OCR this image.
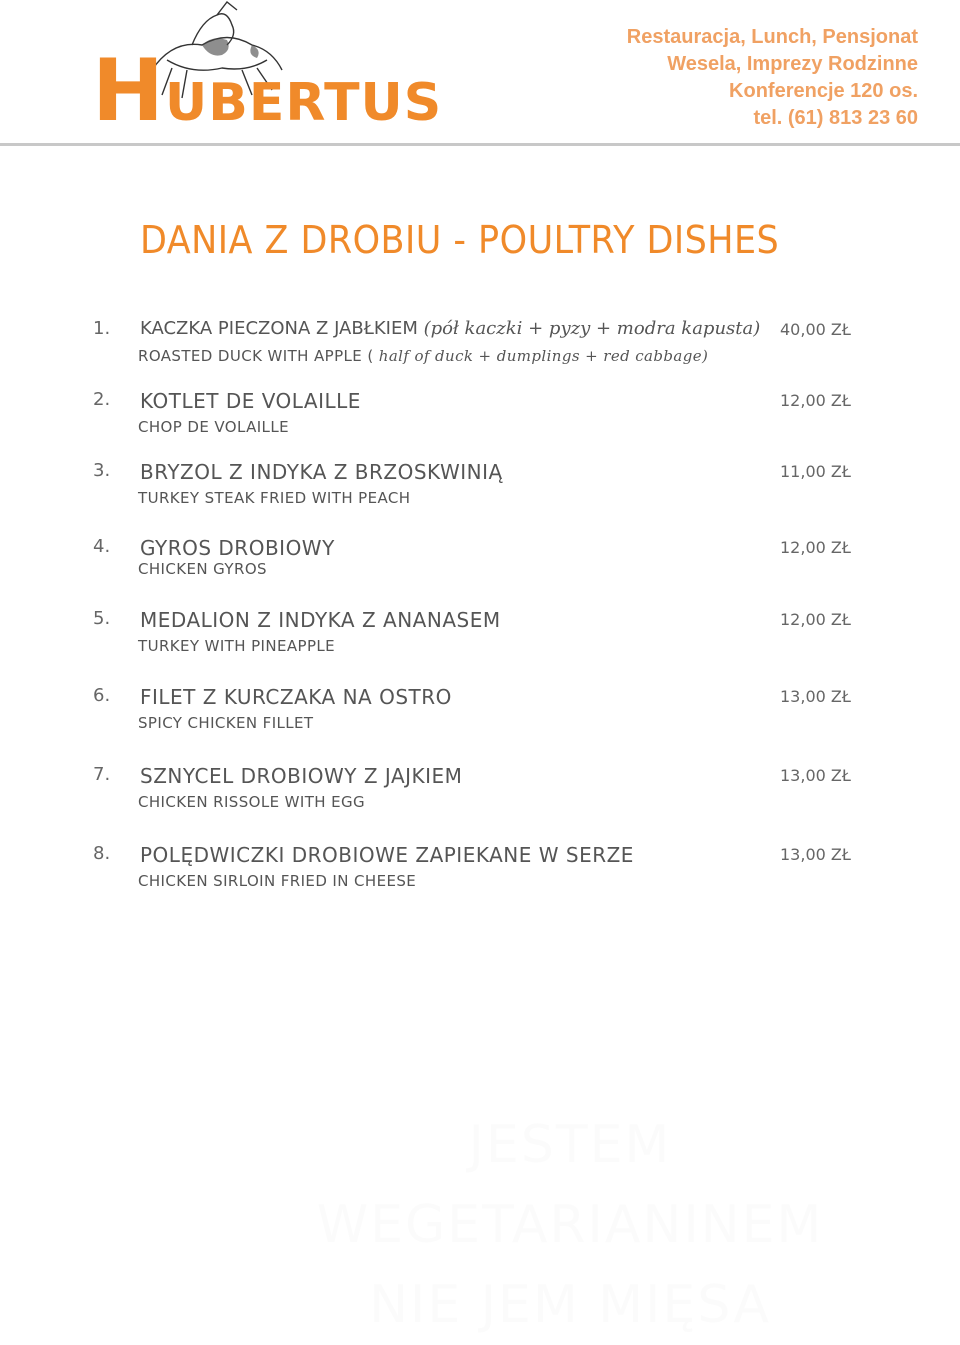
HUBERTUS
Restauracja, Lunch, Pensjonat
Wesela, Imprezy Rodzinne
Konferencje 120 os.
tel. (61) 813 23 60
DANIA Z DROBIU - POULTRY DISHES
1. KACZKA PIECZONA Z JABŁKIEM (pół kaczki + pyzy + modra kapusta) 40,00 ZŁ
ROASTED DUCK WITH APPLE ( half of duck + dumplings + red cabbage)
2. KOTLET DE VOLAILLE	12,00 ZŁ
CHOP DE VOLAILLE
3. BRYZOL Z INDYKA Z BRZOSKWINIĄ	11,00 ZŁ
TURKEY STEAK FRIED WITH PEACH
4. GYROS DROBIOWY	12,00 ZŁ
CHICKEN GYROS
5. MEDALION Z INDYKA Z ANANASEM	12,00 ZŁ
TURKEY WITH PINEAPPLE
6. FILET Z KURCZAKA NA OSTRO	13,00 ZŁ
SPICY CHICKEN FILLET
7. SZNYCEL DROBIOWY Z JAJKIEM	13,00 ZŁ
CHICKEN RISSOLE WITH EGG
8. POLĘDWICZKI DROBIOWE ZAPIEKANE W SERZE	13,00 ZŁ
CHICKEN SIRLOIN FRIED IN CHEESE
JESTEM
WEGETARIANINEM
NIE JEM MIĘSA
